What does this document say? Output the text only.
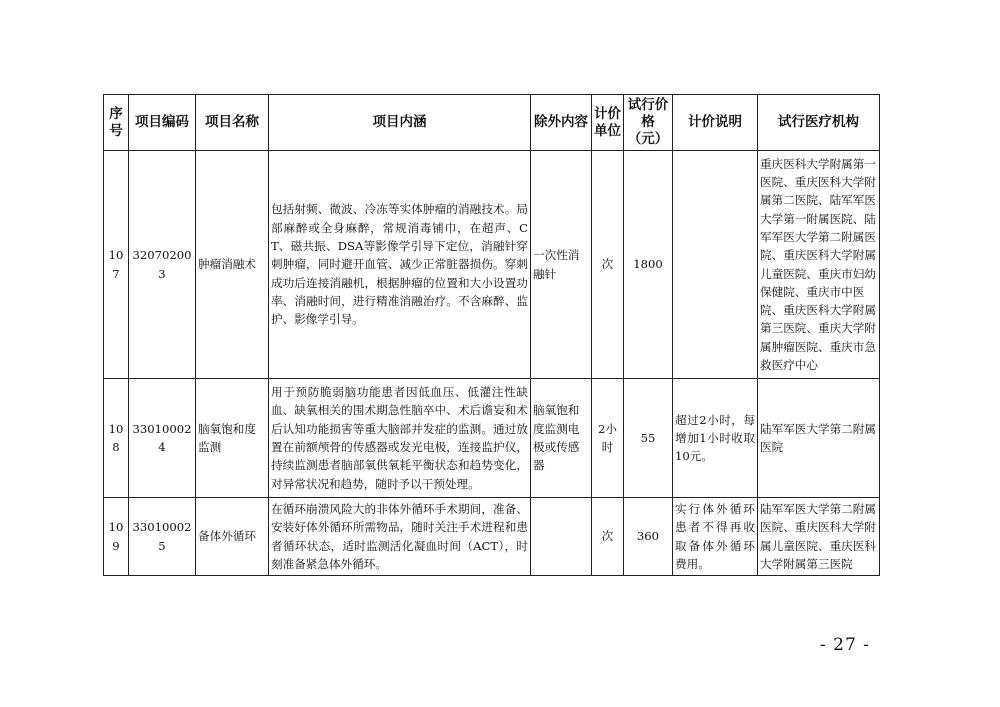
序号	项目编码	项目名称	项目内涵	除外内容	计价单位	试行价格（元）	计价说明	试行医疗机构
107	320702003	肿瘤消融术	包括射频、微波、冷冻等实体肿瘤的消融技术。局部麻醉或全身麻醉，常规消毒铺巾，在超声、CT、磁共振、DSA等影像学引导下定位，消融针穿刺肿瘤，同时避开血管、减少正常脏器损伤。穿刺成功后连接消融机，根据肿瘤的位置和大小设置功率、消融时间，进行精准消融治疗。不含麻醉、监护、影像学引导。	一次性消融针	次	1800		重庆医科大学附属第一医院、重庆医科大学附属第二医院、陆军军医大学第一附属医院、陆军军医大学第二附属医院、重庆医科大学附属儿童医院、重庆市妇幼保健院、重庆市中医院、重庆医科大学附属第三医院、重庆大学附属肿瘤医院、重庆市急救医疗中心
108	330100024	脑氧饱和度监测	用于预防脆弱脑功能患者因低血压、低灌注性缺血、缺氧相关的围术期急性脑卒中、术后谵妄和术后认知功能损害等重大脑部并发症的监测。通过放置在前额颅骨的传感器或发光电极，连接监护仪，持续监测患者脑部氧供氧耗平衡状态和趋势变化，对异常状况和趋势，随时予以干预处理。	脑氧饱和度监测电极或传感器	2小时	55	超过2小时，每增加1小时收取10元。	陆军军医大学第二附属医院
109	330100025	备体外循环	在循环崩溃风险大的非体外循环手术期间，准备、安装好体外循环所需物品，随时关注手术进程和患者循环状态，适时监测活化凝血时间（ACT），时刻准备紧急体外循环。		次	360	实行体外循环患者不得再收取备体外循环费用。	陆军军医大学第二附属医院、重庆医科大学附属儿童医院、重庆医科大学附属第三医院
- 27 -
